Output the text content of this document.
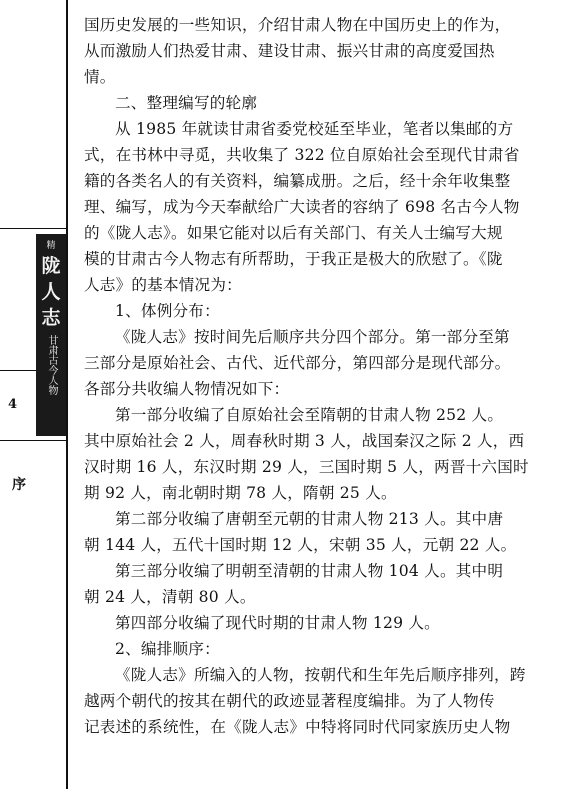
精
陇
人
志
甘肃古今人物
4
序
国历史发展的一些知识，介绍甘肃人物在中国历史上的作为，
从而激励人们热爱甘肃、建设甘肃、振兴甘肃的高度爱国热
情。
二、整理编写的轮廓
从 1985 年就读甘肃省委党校延至毕业，笔者以集邮的方
式，在书林中寻觅，共收集了 322 位自原始社会至现代甘肃省
籍的各类名人的有关资料，编纂成册。之后，经十余年收集整
理、编写，成为今天奉献给广大读者的容纳了 698 名古今人物
的《陇人志》。如果它能对以后有关部门、有关人士编写大规
模的甘肃古今人物志有所帮助，于我正是极大的欣慰了。《陇
人志》的基本情况为：
1、体例分布：
《陇人志》按时间先后顺序共分四个部分。第一部分至第
三部分是原始社会、古代、近代部分，第四部分是现代部分。
各部分共收编人物情况如下：
第一部分收编了自原始社会至隋朝的甘肃人物 252 人。
其中原始社会 2 人，周春秋时期 3 人，战国秦汉之际 2 人，西
汉时期 16 人，东汉时期 29 人，三国时期 5 人，两晋十六国时
期 92 人，南北朝时期 78 人，隋朝 25 人。
第二部分收编了唐朝至元朝的甘肃人物 213 人。其中唐
朝 144 人，五代十国时期 12 人，宋朝 35 人，元朝 22 人。
第三部分收编了明朝至清朝的甘肃人物 104 人。其中明
朝 24 人，清朝 80 人。
第四部分收编了现代时期的甘肃人物 129 人。
2、编排顺序：
《陇人志》所编入的人物，按朝代和生年先后顺序排列，跨
越两个朝代的按其在朝代的政迹显著程度编排。为了人物传
记表述的系统性，在《陇人志》中特将同时代同家族历史人物
